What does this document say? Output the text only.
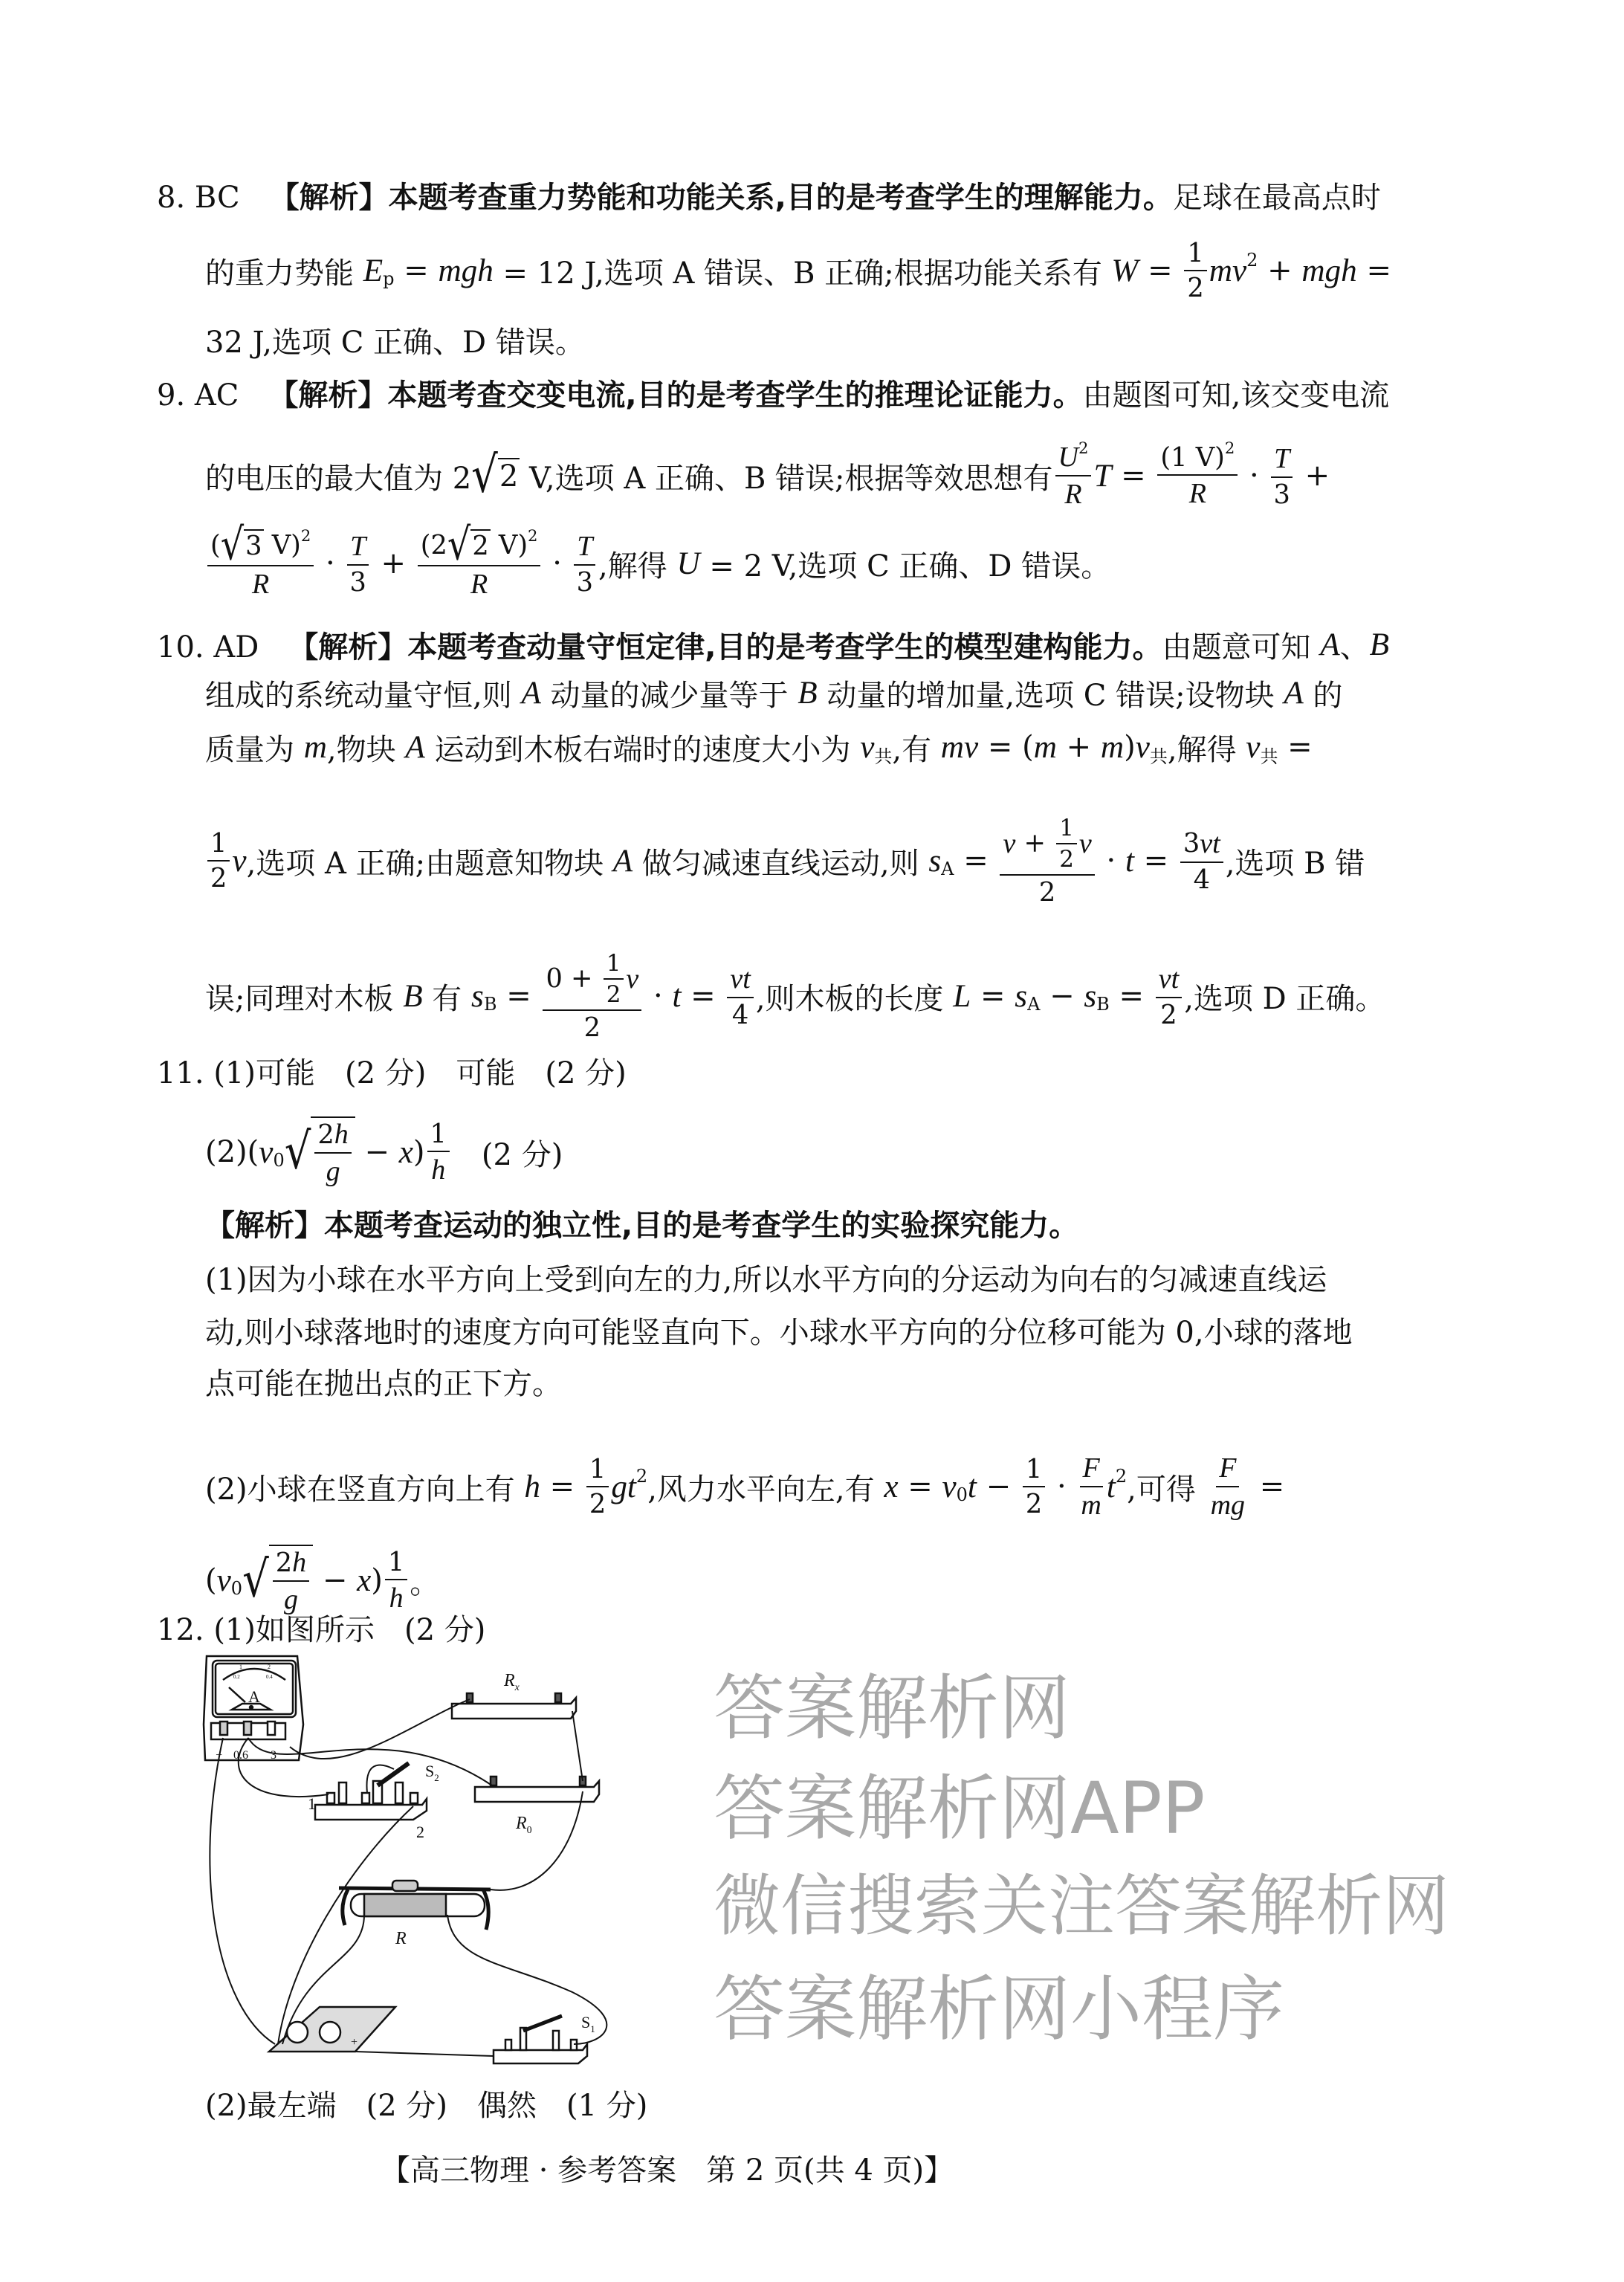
答案解析网
答案解析网APP
微信搜索关注答案解析网
答案解析网小程序
8. BC　 【解析】本题考查重力势能和功能关系,目的是考查学生的理解能力。 足球在最高点时
的重力势能 E p = mgh = 12 J,选项 A 错误、B 正确;根据功能关系有 $W = \frac{1}{2}$ mv 2 + mgh =
32 J,选项 C 正确、D 错误。
9. AC　 【解析】本题考查交变电流,目的是考查学生的推理论证能力。 由题图可知,该交变电流
的电压的最大值为 2 √ 2 V,选项 A 正确、B 错误;根据等效思想有 $\frac{U 2}{R}$ $T = \frac{(1 V) 2}{R} \cdot \frac{T}{3}$ +
$\frac{( √ 3 V) 2}{R} \cdot \frac{T}{3} + \frac{(2 √ 2 V) 2}{R} \cdot \frac{T}{3}$ ,解得 U = 2 V,选项 C 正确、D 错误。
10. AD　 【解析】本题考查动量守恒定律,目的是考查学生的模型建构能力。 由题意可知 A 、 B
组成的系统动量守恒,则 A 动量的减少量等于 B 动量的增加量,选项 C 错误;设物块 A 的
质量为 m ,物块 A 运动到木板右端时的速度大小为 v 共 ,有 mv = ( m + m ) v 共 ,解得 v 共 =
$\frac{1}{2}$ v ,选项 A 正确;由题意知物块 A 做匀减速直线运动,则 s $A = \frac{v + \frac{1}{2} v}{2} \cdot t = \frac{3 vt}{4}$ ,选项 B 错
误;同理对木板 B 有 s $B = \frac{0 + \frac{1}{2} v}{2} \cdot t = \frac{vt}{4}$ ,则木板的长度 L = s A − s $B = \frac{vt}{2}$ ,选项 D 正确。
11. (1)可能　(2 分)　可能　(2 分)
(2)( v 0 √ $\frac{2 h}{g} - x$ ) $\frac{1}{h}$ 　(2 分)
【解析】本题考查运动的独立性,目的是考查学生的实验探究能力。
(1)因为小球在水平方向上受到向左的力,所以水平方向的分运动为向右的匀减速直线运
动,则小球落地时的速度方向可能竖直向下。小球水平方向的分位移可能为 0,小球的落地
点可能在抛出点的正下方。
(2)小球在竖直方向上有 $h = \frac{1}{2}$ gt 2 ,风力水平向左,有 x = v 0 $t - \frac{1}{2} \cdot \frac{F}{m}$ t 2 ,可得 $\frac{F}{mg}$ =
( v 0 √ $\frac{2 h}{g} - x$ ) $\frac{1}{h}$ 。
12. (1)如图所示　(2 分)
(2)最左端　(2 分)　偶然　(1 分)
A
1	2
0.2	0.4
− 0.6 3
$R_x$
$R_0$
$S_2$
1
2
R
+
$S_1$
【高三物理 · 参考答案　第 2 页(共 4 页)】
